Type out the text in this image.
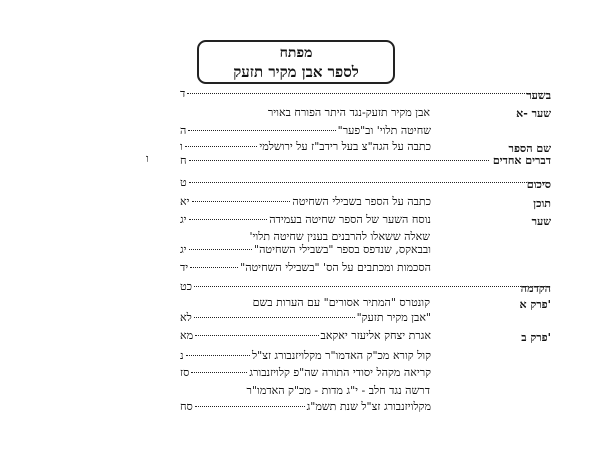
מפתח
לספר אבן מקיר תזעק
ו
בשער
ד
שער -א
אבן מקיר תזעק-נגד היתר הפורח באויר
שחיטה תלוי' וב"פער"
ה
שם הספר
כתבה על הגה"צ בעל רידב"ז על ירושלמי
ו
דברים אחדים
ח
סיכום
ט
תוכן
כתבה על הספר בשבילי השחיטה
יא
שער
נוסח השער של הספר שחיטה בעמידה
יג
שאלה ששאלו להרבנים בענין שחיטה תלוי'
ובבאקס, שנדפס בספר "בשבילי השחיטה"
יג
הסכמות ומכתבים על הס' "בשבילי השחיטה"
יד
הקדמה
כט
פרק א'
קונטרס "המתיר אסורים" עם הערות בשם
"אבן מקיר תזעק"
לא
פרק ב'
אגרת יצחק אליעזר יאקאב
מא
קול קורא מכ"ק האדמו"ר מקלויזנבורג זצ"ל
נ
קריאה מקהל יסודי התורה שה"פ קלויזנבורג
סז
דרשה נגד חלב - י"ג מדות - מכ"ק האדמו"ר
מקלויזנבורג זצ"ל שנת תשמ"ג
סח
